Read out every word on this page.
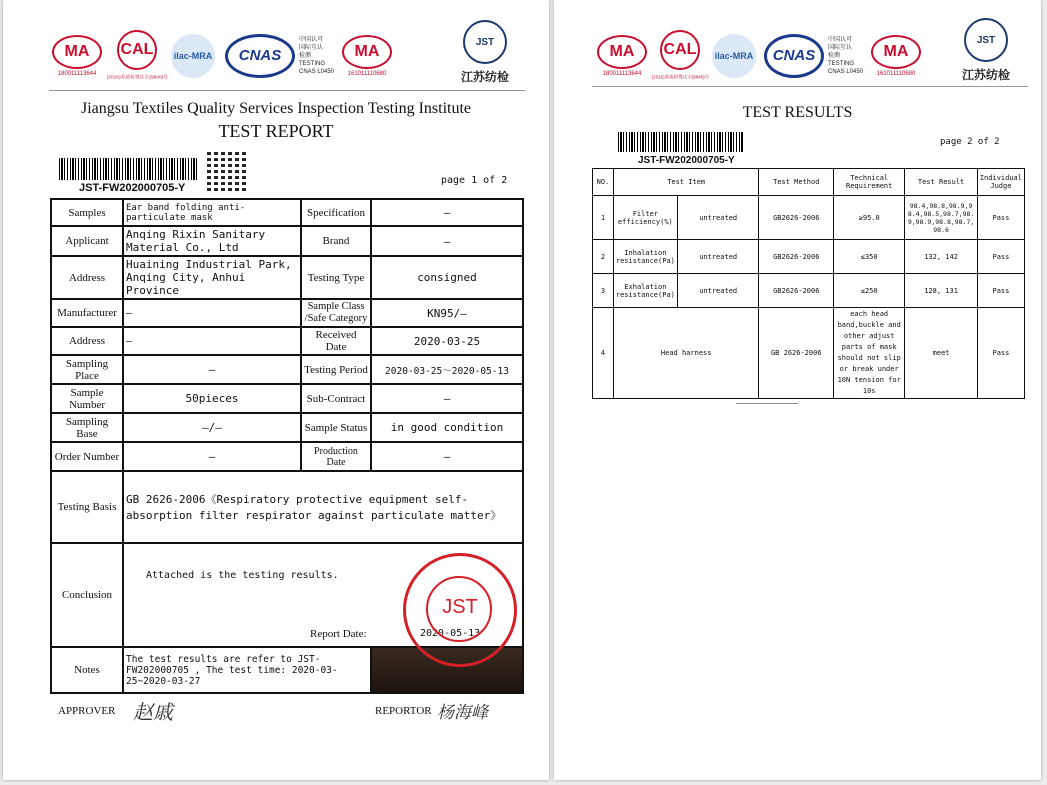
MA
180011113644
CAL
(2016)苏质检资认字(9840)号
ilac-MRA	CNAS
中国认可
国际互认
检测
TESTING
CNAS L0450
MA
161011110680
JST
江苏纺检
Jiangsu Textiles Quality Services Inspection Testing Institute
TEST REPORT
JST-FW202000705-Y
page 1 of 2
Samples	Ear band folding anti-particulate mask	Specification	—
Applicant	Anqing Rixin Sanitary Material Co., Ltd	Brand	—
Address	Huaining Industrial Park, Anqing City, Anhui Province	Testing Type	consigned
Manufacturer	—	Sample Class /Safe Category	KN95/—
Address	—	Received Date	2020-03-25
Sampling Place	—	Testing Period	2020-03-25～2020-05-13
Sample Number	50pieces	Sub-Contract	—
Sampling Base	—/—	Sample Status	in good condition
Order Number	—	Production Date	—
Testing Basis	GB 2626-2006《Respiratory protective equipment self-absorption filter respirator against particulate matter》		
Conclusion	Attached is the testing results.
Report Date: 2020-05-13		

Notes	The test results are refer to JST-FW202000705 , The test time: 2020-03-25~2020-03-27		
JST
APPROVER 赵戚	REPORTOR 杨海峰
MA
180011113644
CAL
(2016)苏质检资认字(9840)号
ilac-MRA	CNAS
中国认可
国际互认
检测
TESTING
CNAS L0450
MA
161011110680
JST
江苏纺检
TEST RESULTS
JST-FW202000705-Y
page 2 of 2
NO.	Test Item		Test Method	Technical Requirement	Test Result	Individual Judge
1	Filter efficiency(%)	untreated	GB2626-2006	≥95.0	98.4,98.8,98.9,98.4,98.5,98.7,98.9,98.9,98.8,98.7,98.6	Pass
2	Inhalation resistance(Pa)	untreated	GB2626-2006	≤350	132, 142	Pass
3	Exhalation resistance(Pa)	untreated	GB2626-2006	≤250	128, 131	Pass
4	Head harness		GB 2626-2006	each head band,buckle and other adjust parts of mask should not slip or break under 10N tension for 10s	meet	Pass
———————————————————
